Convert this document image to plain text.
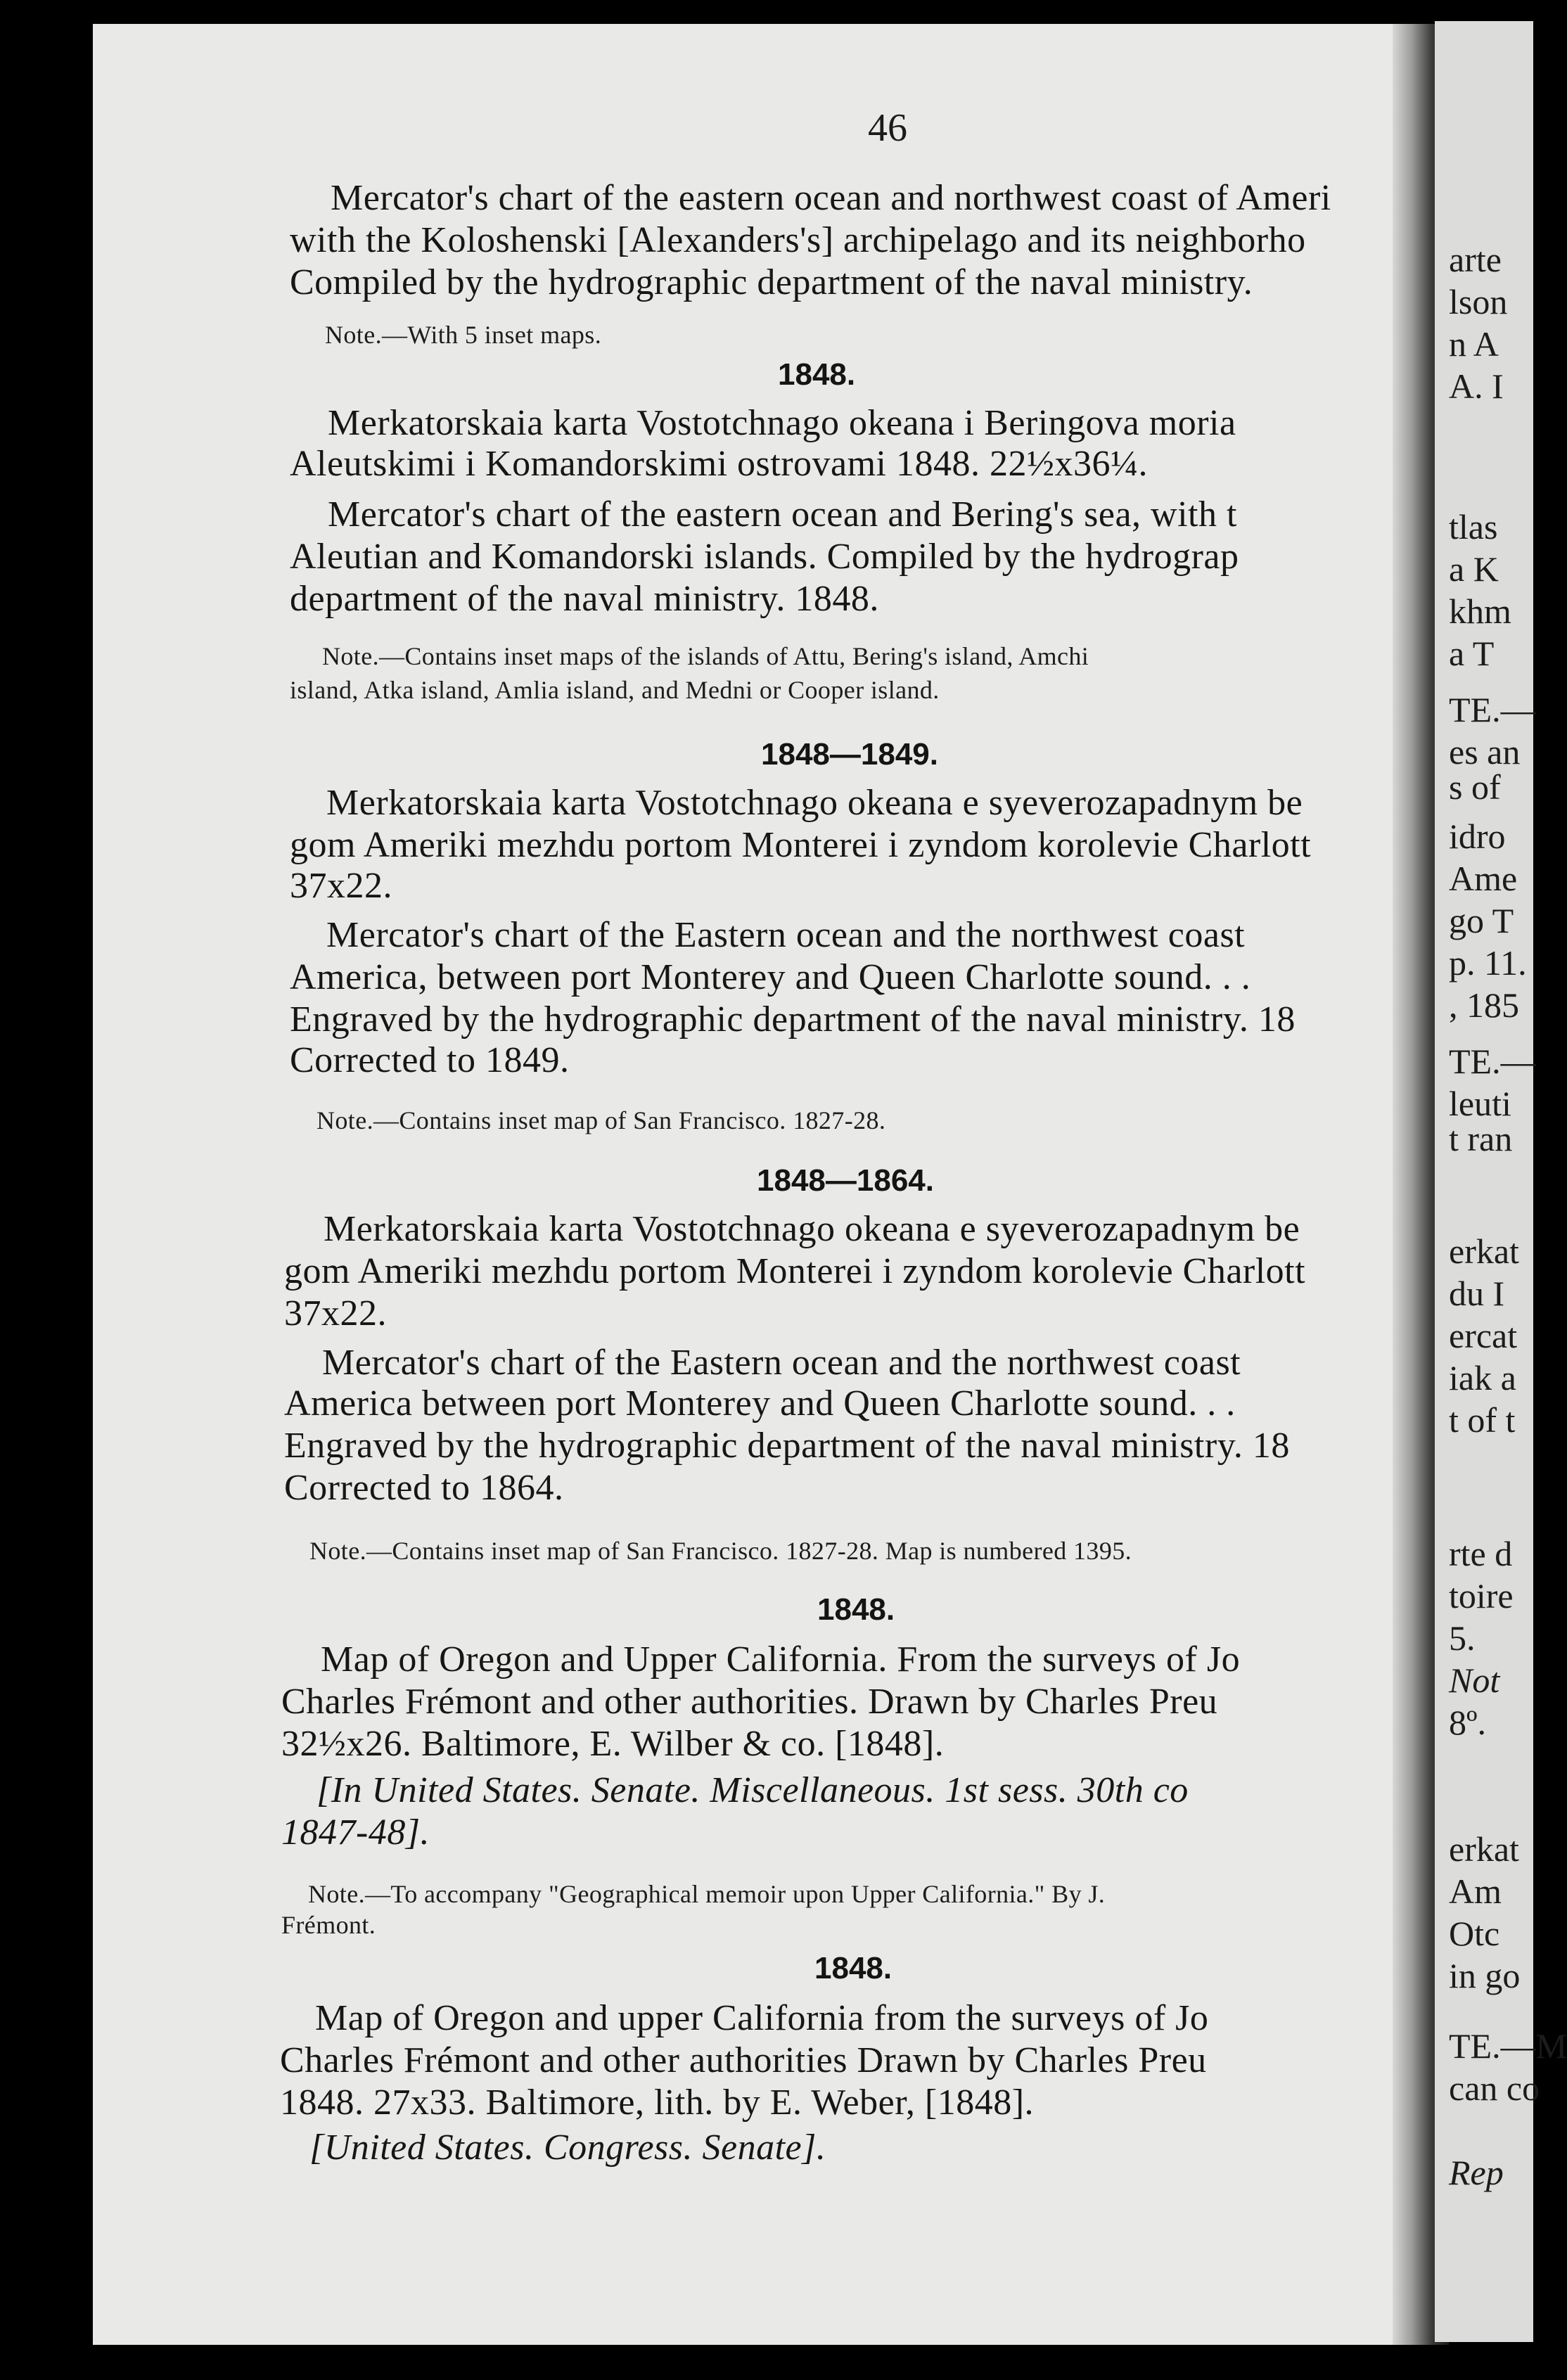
arte
lson
n A
A. I
tlas
a K
khm
a T
TE.—
es an
s of
idro
Ame
go T
p. 11.
, 185
TE.—
leuti
t ran
erkat
du I
ercat
iak a
t of t
rte d
toire
5.
Not
8º.
erkat
Am
Otc
in go
TE.—M
can co
Rep
46
Mercator's chart of the eastern ocean and northwest coast of Ameri
with the Koloshenski [Alexanders's] archipelago and its neighborho
Compiled by the hydrographic department of the naval ministry.
Note.—With 5 inset maps.
1848.
Merkatorskaia karta Vostotchnago okeana i Beringova moria
Aleutskimi i Komandorskimi ostrovami 1848. 22½x36¼.
Mercator's chart of the eastern ocean and Bering's sea, with t
Aleutian and Komandorski islands. Compiled by the hydrograp
department of the naval ministry. 1848.
Note.—Contains inset maps of the islands of Attu, Bering's island, Amchi
island, Atka island, Amlia island, and Medni or Cooper island.
1848—1849.
Merkatorskaia karta Vostotchnago okeana e syeverozapadnym be
gom Ameriki mezhdu portom Monterei i zyndom korolevie Charlott
37x22.
Mercator's chart of the Eastern ocean and the northwest coast
America, between port Monterey and Queen Charlotte sound. . .
Engraved by the hydrographic department of the naval ministry. 18
Corrected to 1849.
Note.—Contains inset map of San Francisco. 1827-28.
1848—1864.
Merkatorskaia karta Vostotchnago okeana e syeverozapadnym be
gom Ameriki mezhdu portom Monterei i zyndom korolevie Charlott
37x22.
Mercator's chart of the Eastern ocean and the northwest coast
America between port Monterey and Queen Charlotte sound. . .
Engraved by the hydrographic department of the naval ministry. 18
Corrected to 1864.
Note.—Contains inset map of San Francisco. 1827-28. Map is numbered 1395.
1848.
Map of Oregon and Upper California. From the surveys of Jo
Charles Frémont and other authorities. Drawn by Charles Preu
32½x26. Baltimore, E. Wilber & co. [1848].
[In United States. Senate. Miscellaneous. 1st sess. 30th co
1847-48].
Note.—To accompany "Geographical memoir upon Upper California." By J.
Frémont.
1848.
Map of Oregon and upper California from the surveys of Jo
Charles Frémont and other authorities Drawn by Charles Preu
1848. 27x33. Baltimore, lith. by E. Weber, [1848].
[United States. Congress. Senate].
